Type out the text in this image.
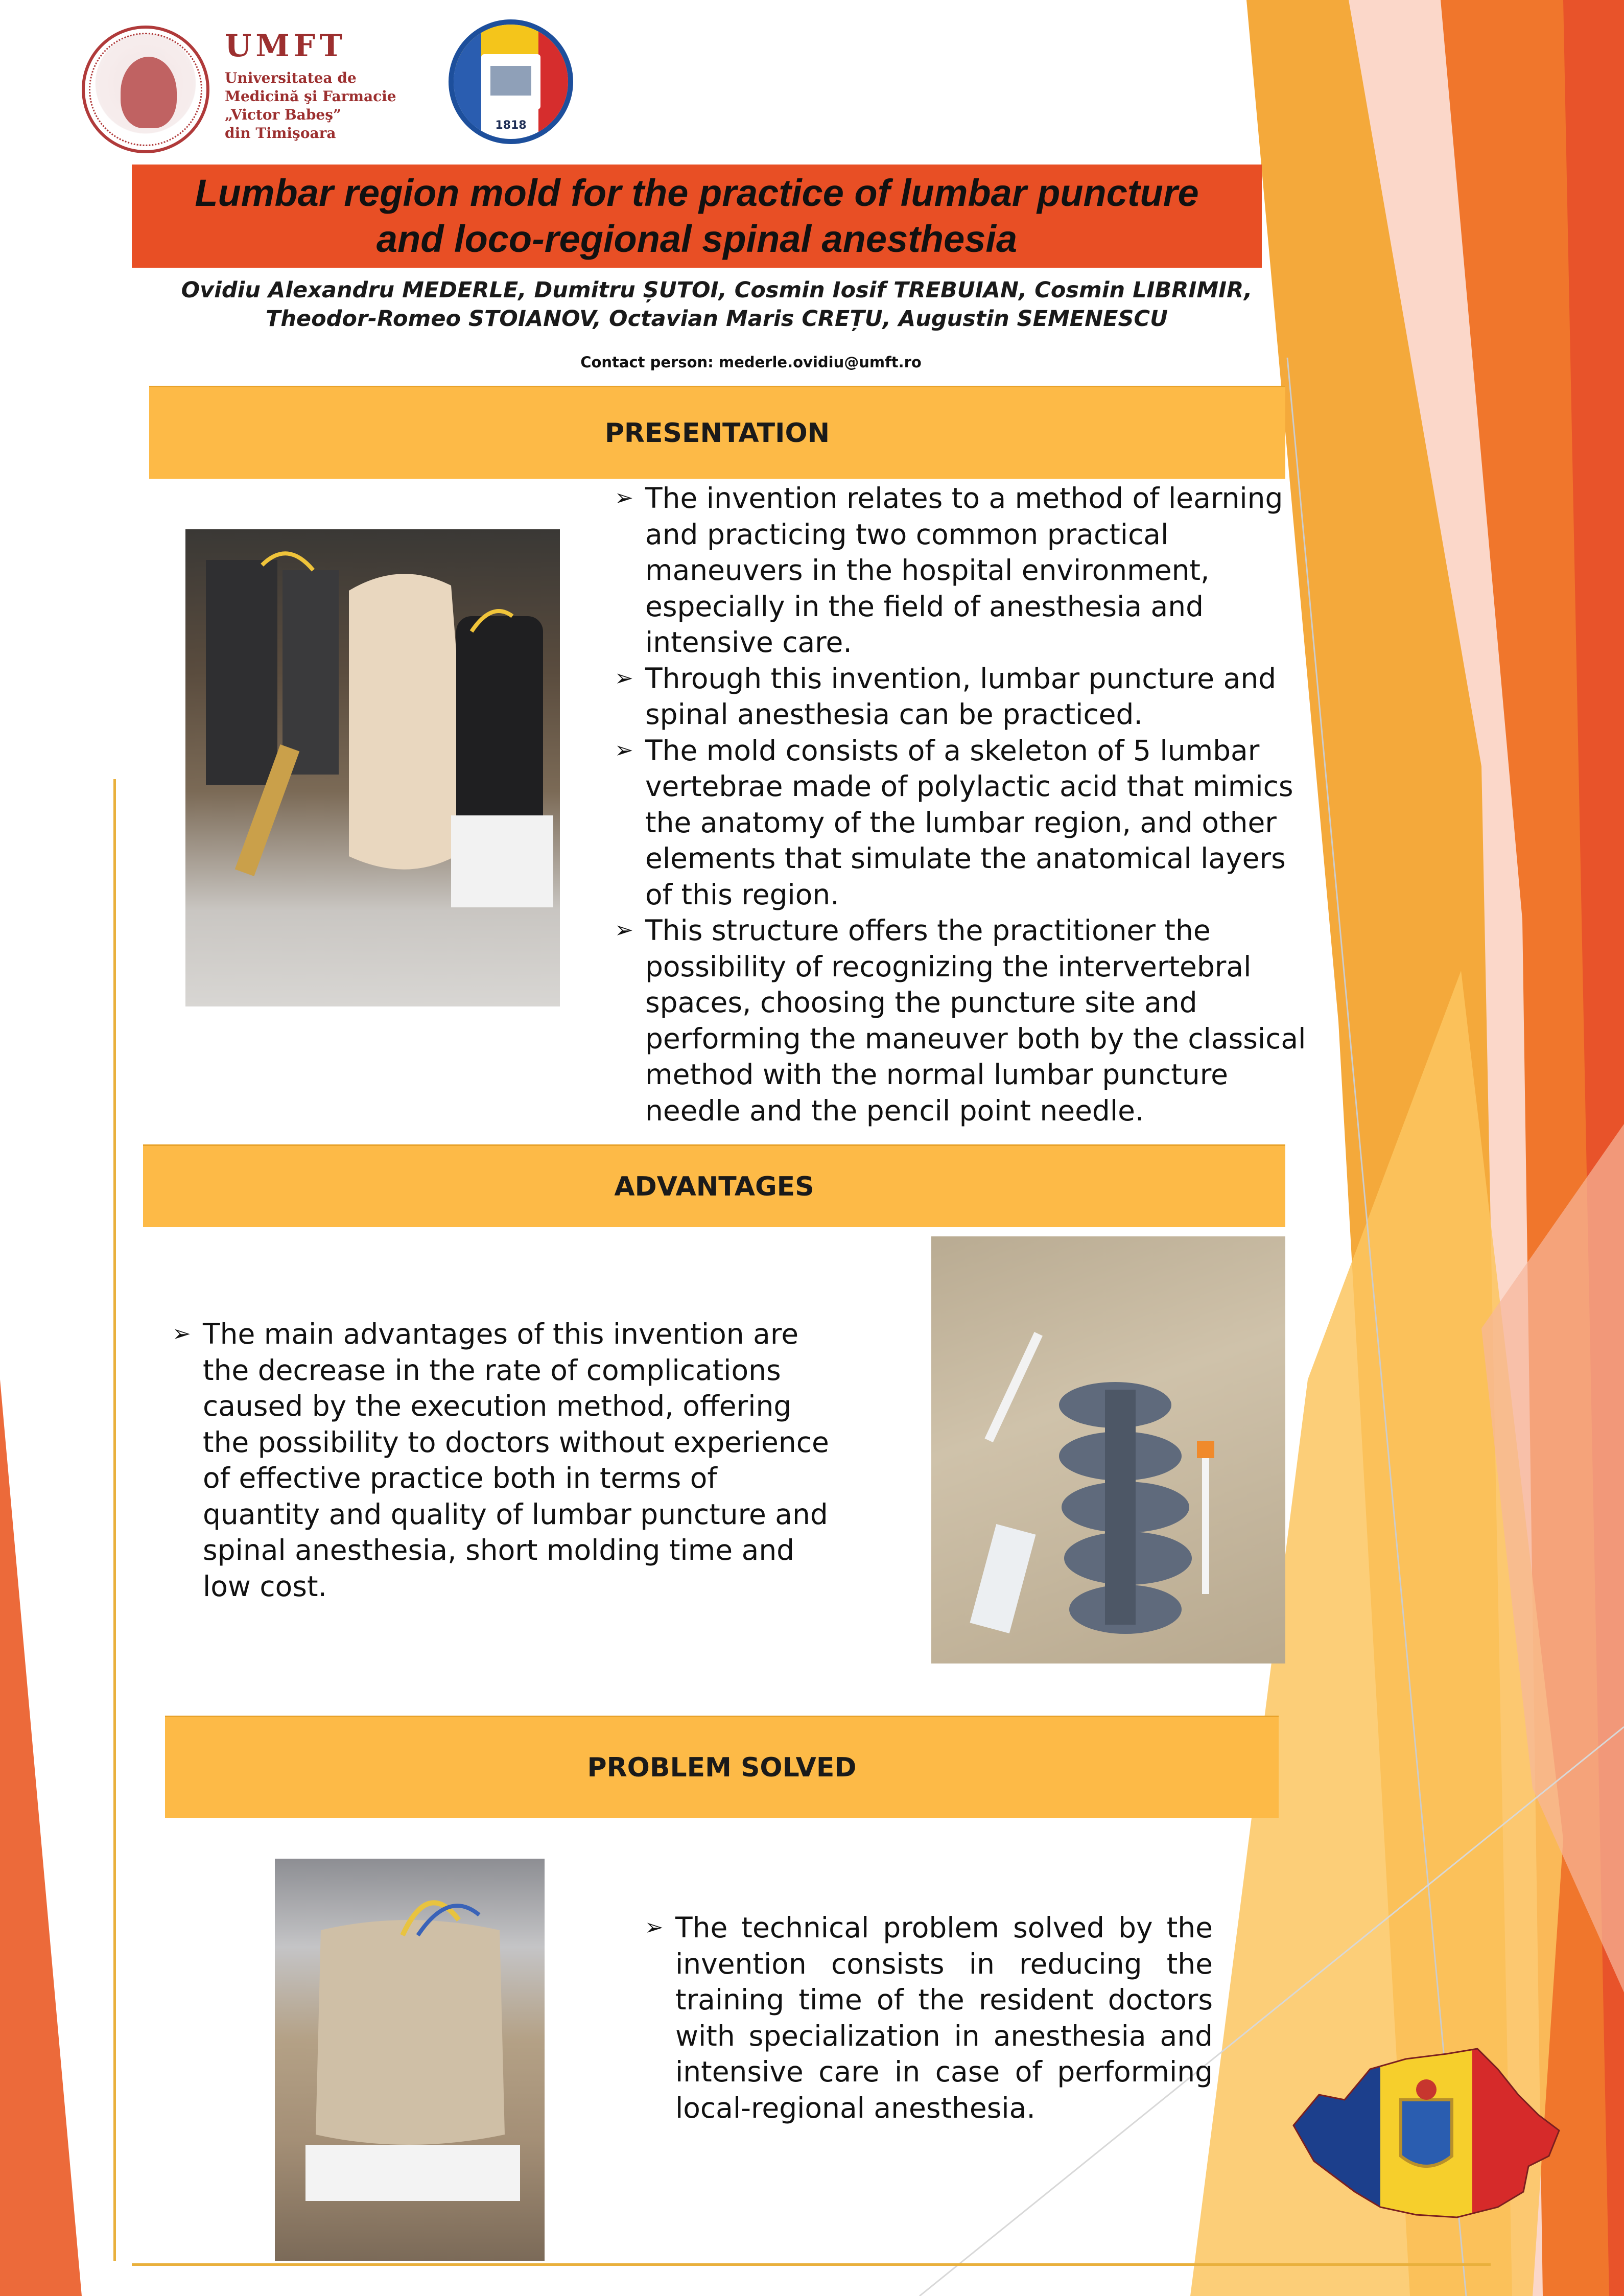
UMFT
Universitatea de
Medicină şi Farmacie
„Victor Babeş”
din Timişoara	1818
Lumbar region mold for the practice of lumbar puncture
and loco-regional spinal anesthesia
Ovidiu Alexandru MEDERLE, Dumitru ȘUTOI, Cosmin Iosif TREBUIAN, Cosmin LIBRIMIR,
Theodor-Romeo STOIANOV, Octavian Maris CREȚU, Augustin SEMENESCU
Contact person: mederle.ovidiu@umft.ro
PRESENTATION
➢ The invention relates to a method of learning and practicing two common practical maneuvers in the hospital environment, especially in the field of anesthesia and intensive care.
➢ Through this invention, lumbar puncture and spinal anesthesia can be practiced.
➢ The mold consists of a skeleton of 5 lumbar vertebrae made of polylactic acid that mimics the anatomy of the lumbar region, and other elements that simulate the anatomical layers of this region.
➢ This structure offers the practitioner the possibility of recognizing the intervertebral spaces, choosing the puncture site and performing the maneuver both by the classical method with the normal lumbar puncture needle and the pencil point needle.
ADVANTAGES
➢ The main advantages of this invention are the decrease in the rate of complications caused by the execution method, offering the possibility to doctors without experience of effective practice both in terms of quantity and quality of lumbar puncture and spinal anesthesia, short molding time and low cost.
PROBLEM SOLVED
➢ The technical problem solved by the invention consists in reducing the training time of the resident doctors with specialization in anesthesia and intensive care in case of performing local-regional anesthesia.
